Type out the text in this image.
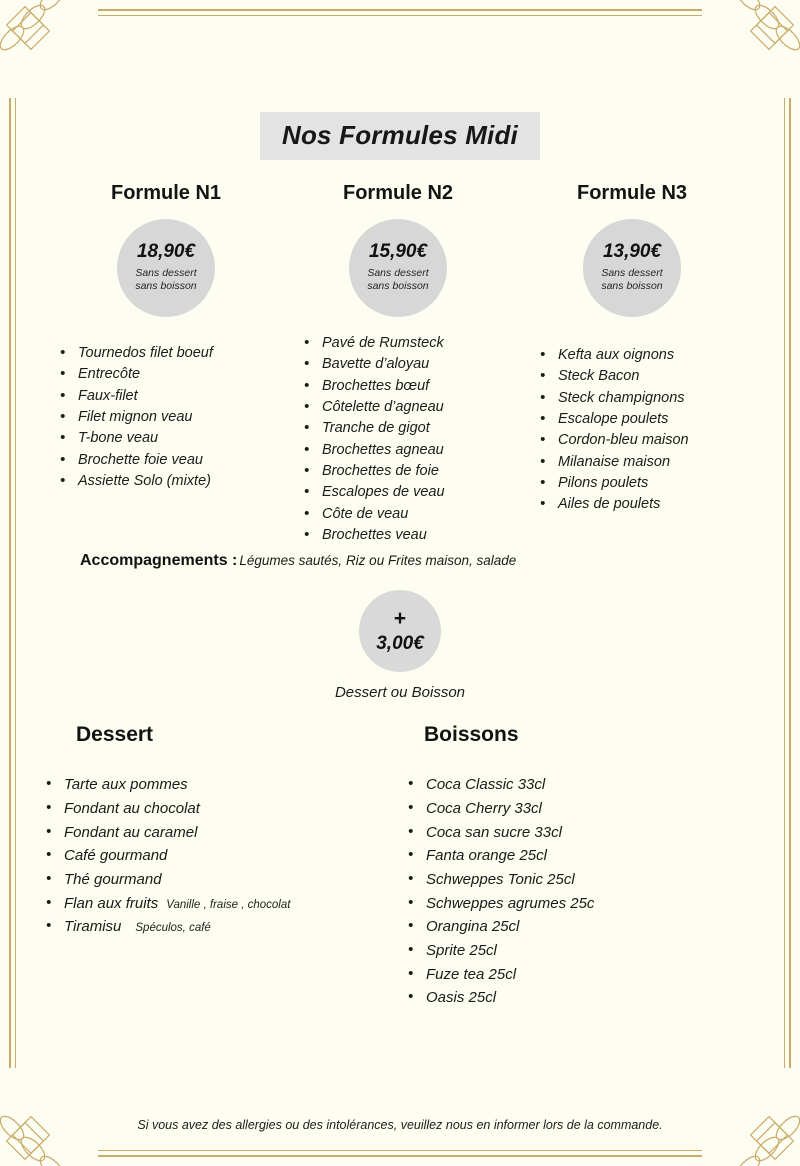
Nos Formules Midi
Formule N1
18,90€
Sans dessert
sans boisson
• Tournedos filet boeuf
• Entrecôte
• Faux-filet
• Filet mignon veau
• T-bone veau
• Brochette foie veau
• Assiette Solo (mixte)
Formule N2
15,90€
Sans dessert
sans boisson
• Pavé de Rumsteck
• Bavette d’aloyau
• Brochettes bœuf
• Côtelette d’agneau
• Tranche de gigot
• Brochettes agneau
• Brochettes de foie
• Escalopes de veau
• Côte de veau
• Brochettes veau
Formule N3
13,90€
Sans dessert
sans boisson
• Kefta aux oignons
• Steck Bacon
• Steck champignons
• Escalope poulets
• Cordon-bleu maison
• Milanaise maison
• Pilons poulets
• Ailes de poulets
Accompagnements : Légumes sautés, Riz ou Frites maison, salade
+
3,00€
Dessert ou Boisson
Dessert
• Tarte aux pommes
• Fondant au chocolat
• Fondant au caramel
• Café gourmand
• Thé gourmand
• Flan aux fruits Vanille , fraise , chocolat
• Tiramisu Spéculos, café
Boissons
• Coca Classic 33cl
• Coca Cherry 33cl
• Coca san sucre 33cl
• Fanta orange 25cl
• Schweppes Tonic 25cl
• Schweppes agrumes 25c
• Orangina 25cl
• Sprite 25cl
• Fuze tea 25cl
• Oasis 25cl
Si vous avez des allergies ou des intolérances, veuillez nous en informer lors de la commande.
